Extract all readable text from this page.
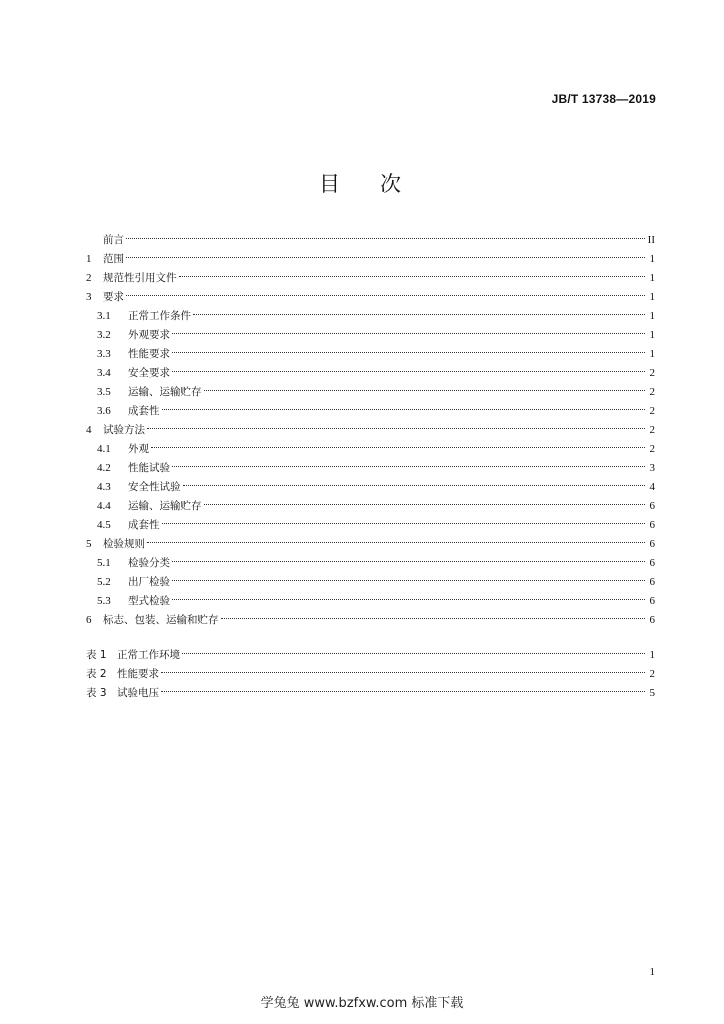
JB/T 13738—2019
目次
前言	II
1	范围	1
2	规范性引用文件	1
3	要求	1
3.1	正常工作条件	1
3.2	外观要求	1
3.3	性能要求	1
3.4	安全要求	2
3.5	运输、运输贮存	2
3.6	成套性	2
4	试验方法	2
4.1	外观	2
4.2	性能试验	3
4.3	安全性试验	4
4.4	运输、运输贮存	6
4.5	成套性	6
5	检验规则	6
5.1	检验分类	6
5.2	出厂检验	6
5.3	型式检验	6
6	标志、包装、运输和贮存	6
表 1　正常工作环境	1
表 2　性能要求	2
表 3　试验电压	5
1
学兔兔 www.bzfxw.com 标准下载
